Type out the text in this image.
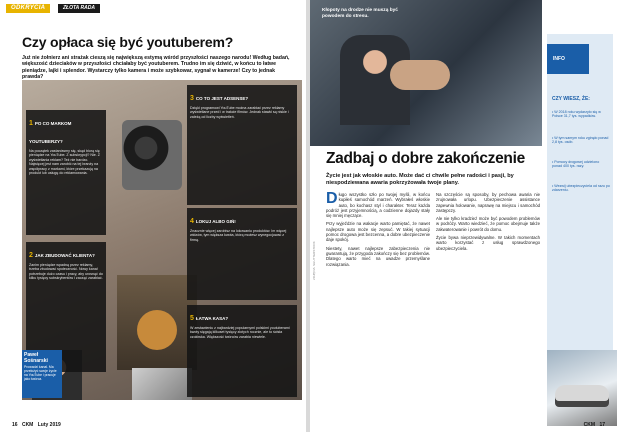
ODKRYCIA	ZŁOTA RADA
Czy opłaca się być youtuberem?
Już nie żołnierz ani strażak cieszą się największą estymą wśród przyszłości naszego narodu! Według badań, większość dzieciaków w przyszłości chciałaby być youtuberem. Trudno im się dziwić, w końcu to łatwe pieniądze, lajki i splendor. Wystarczy tylko kamera i może szybkowar, sygnał w kamerze! Czy to jednak prawda?
1 PO CO MARKOM YOUTUBERZY?
Na początek zastanówmy się, skąd biorą się pieniądze na YouTube. Z subskrypcji? Nie. Z wyświetlania reklam? Też nie bardzo. Najwięcej jest nam zarobić na tej branży na współpracy z markami, które przekazują na produkt lub usługę do reklamowania.
2 JAK ZBUDOWAĆ KLIENTA?
Zanim pieniądze wpadną przez reklamy, trzeba zbudować społeczność. Nowy kanał potrzebuje dużo czasu i pracy, aby urosnąć do kilku tysięcy subskrybentów i zacząć zarabiać.
3 CO TO JEST ADSENSE?
Dzięki programowi YouTube można zarabiać przez reklamy wyświetlane przed i w trakcie filmów. Jednak stawki są niskie i zależą od liczby wyświetleń.
4 LOKUJ ALBO GIŃ!
Znacznie więcej zarobisz na lokowaniu produktów. Im więcej widzów, tym większa kwota, którą możesz wynegocjować z firmą.
5 ŁATWA KASA?
W zestawieniu z najbardziej popularnymi polskimi youtuberami kwoty sięgają kilkuset tysięcy złotych rocznie, ale to ścisła czołówka. Większość twórców zarabia niewiele.
Paweł Sośnarski
Prowadzi kanał. Ma przełożyć swoje życie na YouTube i pracuje jako twórca.
16 CKM Luty 2019
Kłopoty na drodze nie muszą być powodem do stresu.
ZDJĘCIA: SHUTTERSTOCK
INFO
CZY WIESZ, ŻE:
• W 2018 roku wydarzyło się w Polsce 31,7 tys. wypadków.
• W tym samym roku zginęło ponad 2,8 tys. osób.
• Pomocy drogowej udzielono ponad 400 tys. razy.
• Wezwij ubezpieczyciela od razu po zdarzeniu.
Zadbaj o dobre zakończenie
Życie jest jak włoskie auto. Może dać ci chwile pełne radości i pasji, by niespodziewana awaria pokrzyżowała twoje plany.

Długo wszystko szło po twojej myśli, w końcu kupiłeś samochód marzeń. Wybrałeś włoskie auto, bo kochasz styl i charakter. Teraz każda podróż jest przyjemnością, a codzienne dojazdy stały się mniej męczące.

Przy wyjeździe na wakacje warto pamiętać, że nawet najlepsze auto może się zepsuć. W takiej sytuacji pomoc drogowa jest bezcenna, a dobre ubezpieczenie daje spokój.

Niestety, nawet najlepsze zabezpieczenia nie gwarantują, że przygoda zakończy się bez problemów. Dlatego warto mieć na uwadze przemyślane rozwiązania.

Na szczęście są sposoby, by pechowa awaria nie zrujnowała urlopu. Ubezpieczenie assistance zapewnia holowanie, naprawę na miejscu i samochód zastępczy.

Ale nie tylko kradzież może być powodem problemów w podróży. Warto wiedzieć, że pomoc obejmuje także zakwaterowanie i powrót do domu.

Życie bywa nieprzewidywalne. W takich momentach warto korzystać z usług sprawdzonego ubezpieczyciela.

CKM 17
